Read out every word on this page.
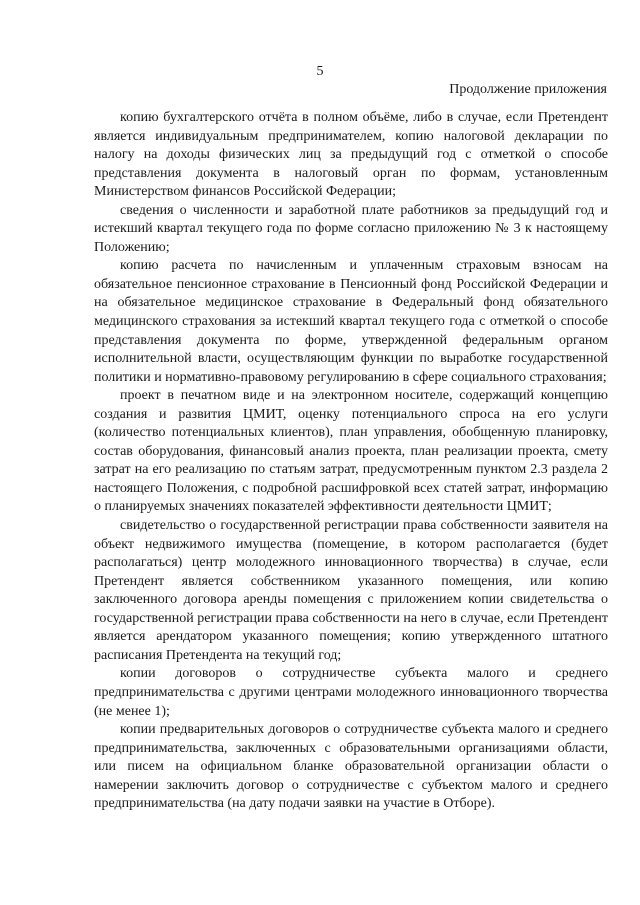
5
Продолжение приложения

копию бухгалтерского отчёта в полном объёме, либо в случае, если Претендент является индивидуальным предпринимателем, копию налоговой декларации по налогу на доходы физических лиц за предыдущий год с отметкой о способе представления документа в налоговый орган по формам, установленным Министерством финансов Российской Федерации;

сведения о численности и заработной плате работников за предыдущий год и истекший квартал текущего года по форме согласно приложению № 3 к настоящему Положению;

копию расчета по начисленным и уплаченным страховым взносам на обязательное пенсионное страхование в Пенсионный фонд Российской Федерации и на обязательное медицинское страхование в Федеральный фонд обязательного медицинского страхования за истекший квартал текущего года с отметкой о способе представления документа по форме, утвержденной федеральным органом исполнительной власти, осуществляющим функции по выработке государственной политики и нормативно-правовому регулированию в сфере социального страхования;

проект в печатном виде и на электронном носителе, содержащий концепцию создания и развития ЦМИТ, оценку потенциального спроса на его услуги (количество потенциальных клиентов), план управления, обобщенную планировку, состав оборудования, финансовый анализ проекта, план реализации проекта, смету затрат на его реализацию по статьям затрат, предусмотренным пунктом 2.3 раздела 2 настоящего Положения, с подробной расшифровкой всех статей затрат, информацию о планируемых значениях показателей эффективности деятельности ЦМИТ;

свидетельство о государственной регистрации права собственности заявителя на объект недвижимого имущества (помещение, в котором располагается (будет располагаться) центр молодежного инновационного творчества) в случае, если Претендент является собственником указанного помещения, или копию заключенного договора аренды помещения с приложением копии свидетельства о государственной регистрации права собственности на него в случае, если Претендент является арендатором указанного помещения; копию утвержденного штатного расписания Претендента на текущий год;

копии договоров о сотрудничестве субъекта малого и среднего предпринимательства с другими центрами молодежного инновационного творчества (не менее 1);

копии предварительных договоров о сотрудничестве субъекта малого и среднего предпринимательства, заключенных с образовательными организациями области, или писем на официальном бланке образовательной организации области о намерении заключить договор о сотрудничестве с субъектом малого и среднего предпринимательства (на дату подачи заявки на участие в Отборе).
